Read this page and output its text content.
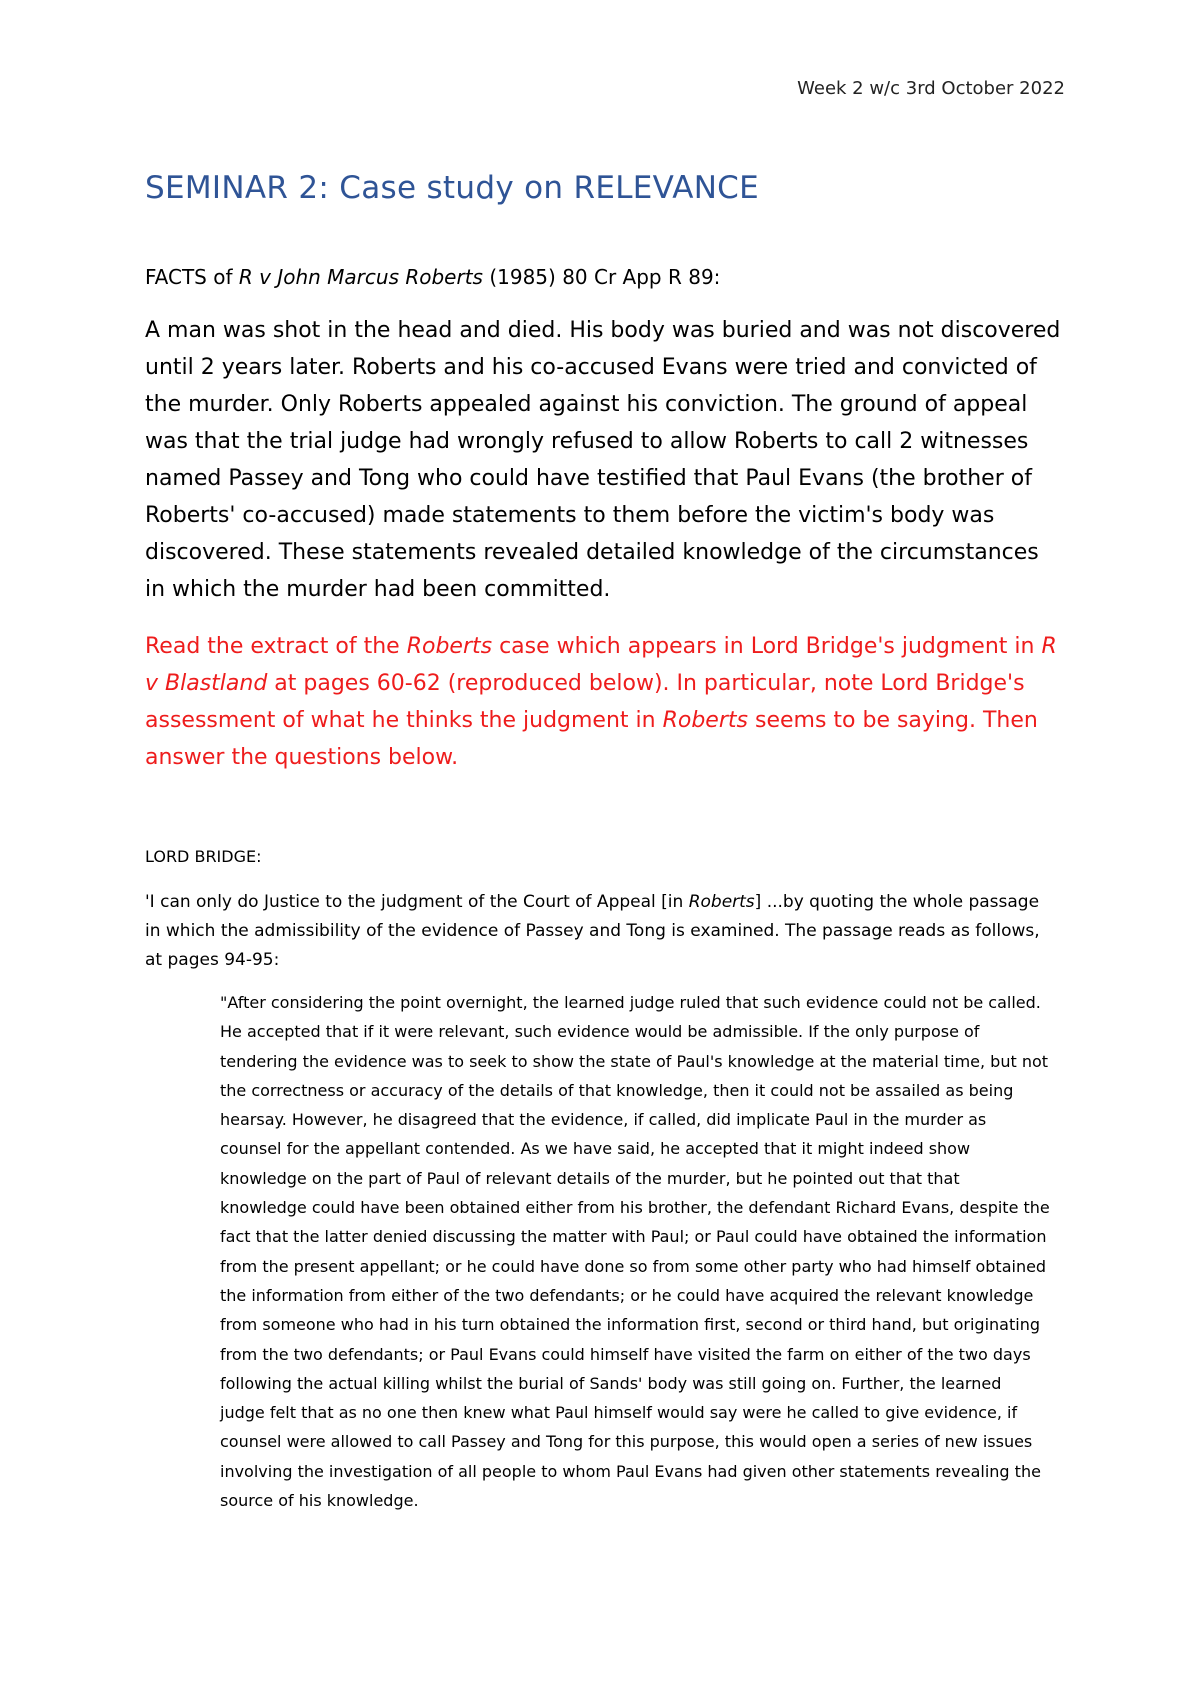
Week 2 w/c 3rd October 2022
SEMINAR 2: Case study on RELEVANCE

FACTS of R v John Marcus Roberts (1985) 80 Cr App R 89:

A man was shot in the head and died. His body was buried and was not discovered until 2 years later. Roberts and his co-accused Evans were tried and convicted of the murder. Only Roberts appealed against his conviction. The ground of appeal was that the trial judge had wrongly refused to allow Roberts to call 2 witnesses named Passey and Tong who could have testified that Paul Evans (the brother of Roberts' co-accused) made statements to them before the victim's body was discovered. These statements revealed detailed knowledge of the circumstances in which the murder had been committed.

Read the extract of the Roberts case which appears in Lord Bridge's judgment in R v Blastland at pages 60-62 (reproduced below). In particular, note Lord Bridge's assessment of what he thinks the judgment in Roberts seems to be saying. Then answer the questions below.

LORD BRIDGE:

'I can only do Justice to the judgment of the Court of Appeal [in Roberts] ...by quoting the whole passage in which the admissibility of the evidence of Passey and Tong is examined. The passage reads as follows, at pages 94-95:

"After considering the point overnight, the learned judge ruled that such evidence could not be called. He accepted that if it were relevant, such evidence would be admissible. If the only purpose of tendering the evidence was to seek to show the state of Paul's knowledge at the material time, but not the correctness or accuracy of the details of that knowledge, then it could not be assailed as being hearsay. However, he disagreed that the evidence, if called, did implicate Paul in the murder as counsel for the appellant contended. As we have said, he accepted that it might indeed show knowledge on the part of Paul of relevant details of the murder, but he pointed out that that knowledge could have been obtained either from his brother, the defendant Richard Evans, despite the fact that the latter denied discussing the matter with Paul; or Paul could have obtained the information from the present appellant; or he could have done so from some other party who had himself obtained the information from either of the two defendants; or he could have acquired the relevant knowledge from someone who had in his turn obtained the information first, second or third hand, but originating from the two defendants; or Paul Evans could himself have visited the farm on either of the two days following the actual killing whilst the burial of Sands' body was still going on. Further, the learned judge felt that as no one then knew what Paul himself would say were he called to give evidence, if counsel were allowed to call Passey and Tong for this purpose, this would open a series of new issues involving the investigation of all people to whom Paul Evans had given other statements revealing the source of his knowledge.
